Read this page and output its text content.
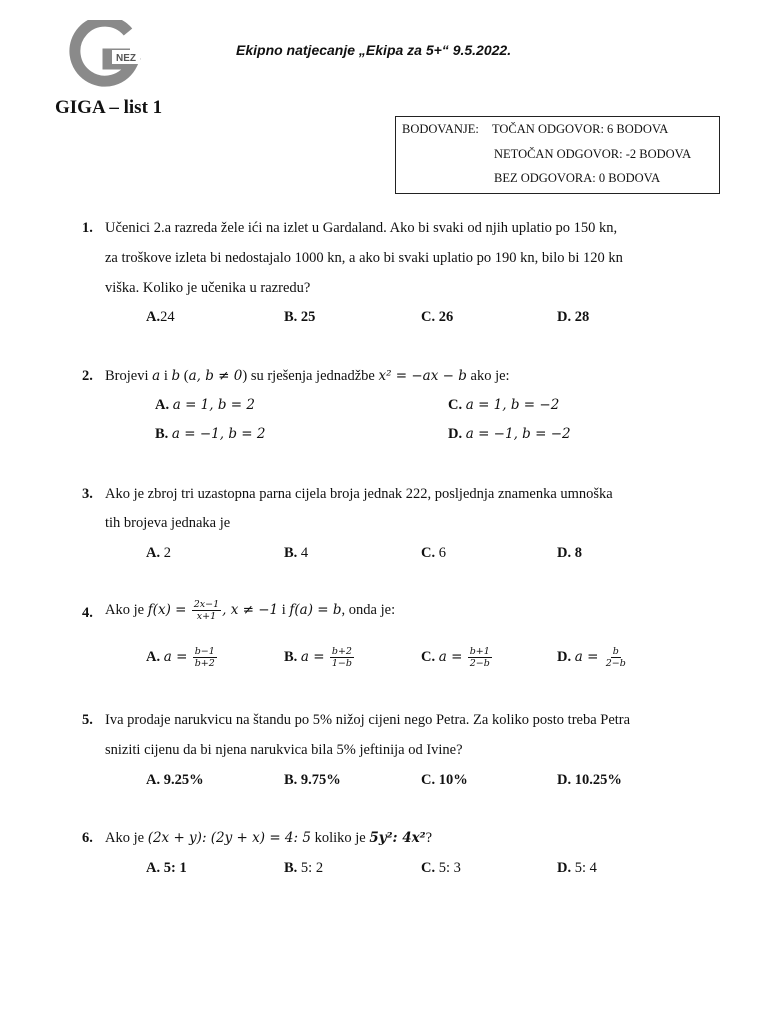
NEZ
Ekipno natjecanje „Ekipa za 5+“ 9.5.2022.
GIGA – list 1
BODOVANJE: TOČAN ODGOVOR: 6 BODOVA
NETOČAN ODGOVOR: -2 BODOVA
BEZ ODGOVORA: 0 BODOVA
1. Učenici 2.a razreda žele ići na izlet u Gardaland. Ako bi svaki od njih uplatio po 150 kn,
za troškove izleta bi nedostajalo 1000 kn, a ako bi svaki uplatio po 190 kn, bilo bi 120 kn
viška. Koliko je učenika u razredu?
A.24	B. 25	C. 26	D. 28
2. Brojevi a i b (a, b ≠ 0) su rješenja jednadžbe x² = −ax − b ako je:
A. a = 1, b = 2	C. a = 1, b = −2
B. a = −1, b = 2	D. a = −1, b = −2
3. Ako je zbroj tri uzastopna parna cijela broja jednak 222, posljednja znamenka umnoška
tih brojeva jednaka je
A. 2	B. 4	C. 6	D. 8
4. Ako je $f(x) = \frac{2x-1}{x+1}$ , x ≠ −1 i f(a) = b, onda je:
A. $a = \frac{b-1}{b+2}$	B. $a = \frac{b+2}{1-b}$	C. $a = \frac{b+1}{2-b}$	D. $a = \frac{b}{2-b}$
5. Iva prodaje narukvicu na štandu po 5% nižoj cijeni nego Petra. Za koliko posto treba Petra
sniziti cijenu da bi njena narukvica bila 5% jeftinija od Ivine?
A. 9.25%	B. 9.75%	C. 10%	D. 10.25%
6. Ako je (2x + y): (2y + x) = 4: 5 koliko je 5y²: 4x²?
A. 5: 1	B. 5: 2	C. 5: 3	D. 5: 4
